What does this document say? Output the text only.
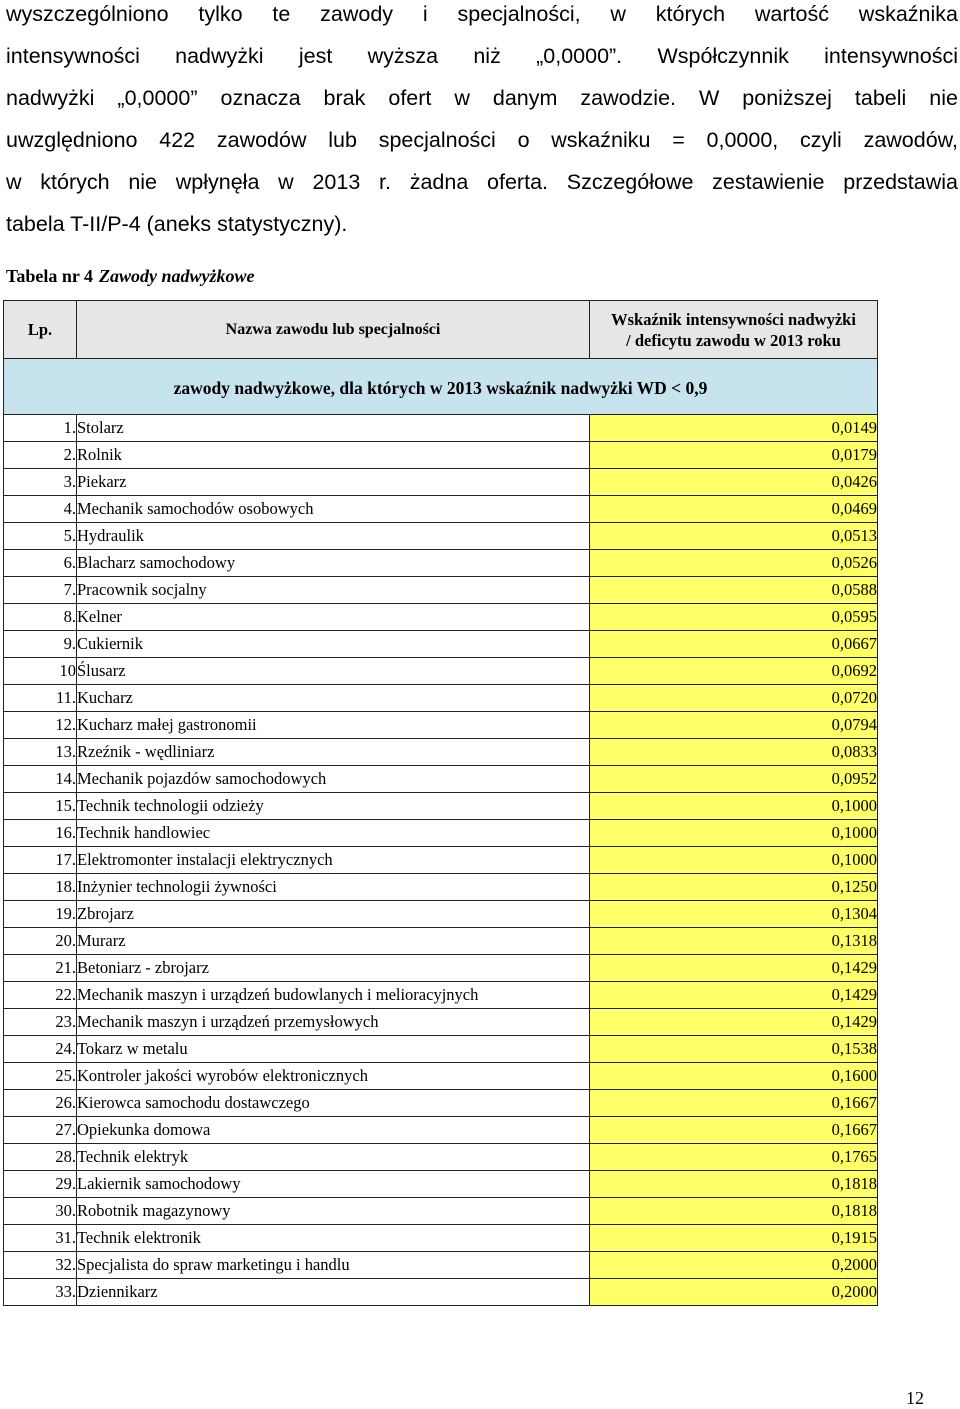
wyszczególniono tylko te zawody i specjalności, w których wartość wskaźnika
intensywności nadwyżki jest wyższa niż „0,0000”. Współczynnik intensywności
nadwyżki „0,0000” oznacza brak ofert w danym zawodzie. W poniższej tabeli nie
uwzględniono 422 zawodów lub specjalności o wskaźniku = 0,0000, czyli zawodów,
w których nie wpłynęła w 2013 r. żadna oferta. Szczegółowe zestawienie przedstawia
tabela T-II/P-4 (aneks statystyczny).
Tabela nr 4 Zawody nadwyżkowe
Lp.	Nazwa zawodu lub specjalności	Wskaźnik intensywności nadwyżki
/ deficytu zawodu w 2013 roku

zawody nadwyżkowe, dla których w 2013 wskaźnik nadwyżki WD < 0,9		
1.	Stolarz	0,0149
2.	Rolnik	0,0179
3.	Piekarz	0,0426
4.	Mechanik samochodów osobowych	0,0469
5.	Hydraulik	0,0513
6.	Blacharz samochodowy	0,0526
7.	Pracownik socjalny	0,0588
8.	Kelner	0,0595
9.	Cukiernik	0,0667
10	Ślusarz	0,0692
11.	Kucharz	0,0720
12.	Kucharz małej gastronomii	0,0794
13.	Rzeźnik - wędliniarz	0,0833
14.	Mechanik pojazdów samochodowych	0,0952
15.	Technik technologii odzieży	0,1000
16.	Technik handlowiec	0,1000
17.	Elektromonter instalacji elektrycznych	0,1000
18.	Inżynier technologii żywności	0,1250
19.	Zbrojarz	0,1304
20.	Murarz	0,1318
21.	Betoniarz - zbrojarz	0,1429
22.	Mechanik maszyn i urządzeń budowlanych i melioracyjnych	0,1429
23.	Mechanik maszyn i urządzeń przemysłowych	0,1429
24.	Tokarz w metalu	0,1538
25.	Kontroler jakości wyrobów elektronicznych	0,1600
26.	Kierowca samochodu dostawczego	0,1667
27.	Opiekunka domowa	0,1667
28.	Technik elektryk	0,1765
29.	Lakiernik samochodowy	0,1818
30.	Robotnik magazynowy	0,1818
31.	Technik elektronik	0,1915
32.	Specjalista do spraw marketingu i handlu	0,2000
33.	Dziennikarz	0,2000
12
